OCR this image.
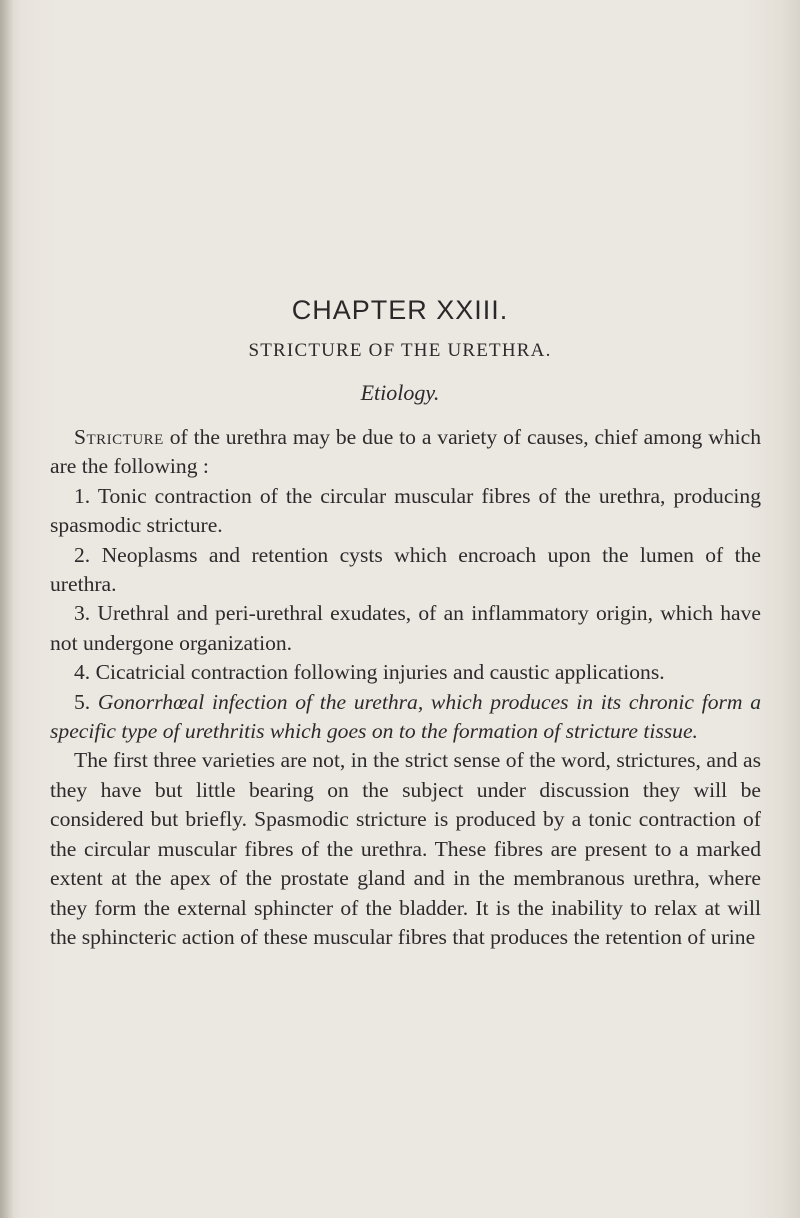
CHAPTER XXIII.
STRICTURE OF THE URETHRA.
Etiology.

Stricture of the urethra may be due to a variety of causes, chief among which are the following :

1. Tonic contraction of the circular muscular fibres of the urethra, producing spasmodic stricture.

2. Neoplasms and retention cysts which encroach upon the lumen of the urethra.

3. Urethral and peri-urethral exudates, of an inflammatory origin, which have not undergone organization.

4. Cicatricial contraction following injuries and caustic applications.

5. Gonorrhœal infection of the urethra, which produces in its chronic form a specific type of urethritis which goes on to the formation of stricture tissue.

The first three varieties are not, in the strict sense of the word, strictures, and as they have but little bearing on the subject under discussion they will be considered but briefly. Spasmodic stricture is produced by a tonic contraction of the circular muscular fibres of the urethra. These fibres are present to a marked extent at the apex of the prostate gland and in the membranous urethra, where they form the external sphincter of the bladder. It is the inability to relax at will the sphincteric action of these muscular fibres that produces the retention of urine
